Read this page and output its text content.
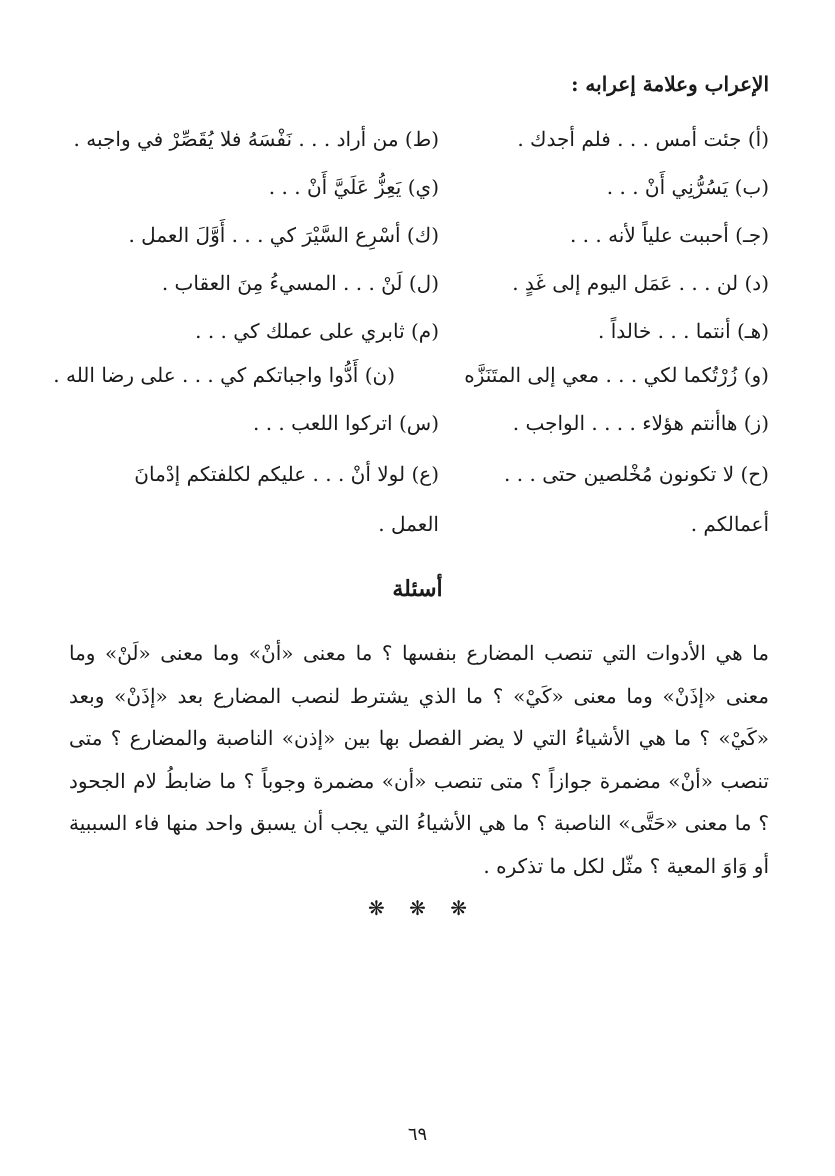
الإعراب وعلامة إعرابه :
(أ) جئت أمس . . . فلم أجدك .
(ب) يَسُرُّنِي أَنْ . . .
(جـ) أحببت علياً لأنه . . .
(د) لن . . . عَمَل اليوم إلى غَدٍ .
(هـ) أنتما . . . خالداً .
(و) زُرْتُكما لكي . . . معي إلى المتَنَزَّه
(ز) هاأنتم هؤلاء . . . . الواجب .
(ح) لا تكونون مُخْلصين حتى . . . أعمالكم .
(ط) من أراد . . . نَفْسَهُ فلا يُقَصِّرْ في واجبه .
(ي) يَعِزُّ عَلَيَّ أَنْ . . .
(ك) أسْرِع السَّيْرَ كي . . . أَوَّلَ العمل .
(ل) لَنْ . . . المسيءُ مِنَ العقاب .
(م) ثابري على عملك كي . . .
(ن) أَدُّوا واجباتكم كي . . . على رضا الله .
(س) اتركوا اللعب . . .
(ع) لولا أنْ . . . عليكم لكلفتكم إدْمانَ العمل .
أسئلة
ما هي الأدوات التي تنصب المضارع بنفسها ؟ ما معنى «أنْ» وما معنى «لَنْ» وما معنى «إذَنْ» وما معنى «كَيْ» ؟ ما الذي يشترط لنصب المضارع بعد «إذَنْ» وبعد «كَيْ» ؟ ما هي الأشياءُ التي لا يضر الفصل بها بين «إذن» الناصبة والمضارع ؟ متى تنصب «أنْ» مضمرة جوازاً ؟ متى تنصب «أن» مضمرة وجوباً ؟ ما ضابطُ لام الجحود ؟ ما معنى «حَتَّى» الناصبة ؟ ما هي الأشياءُ التي يجب أن يسبق واحد منها فاء السببية أو وَاوَ المعية ؟ مثّل لكل ما تذكره .
❋ ❋ ❋
٦٩
